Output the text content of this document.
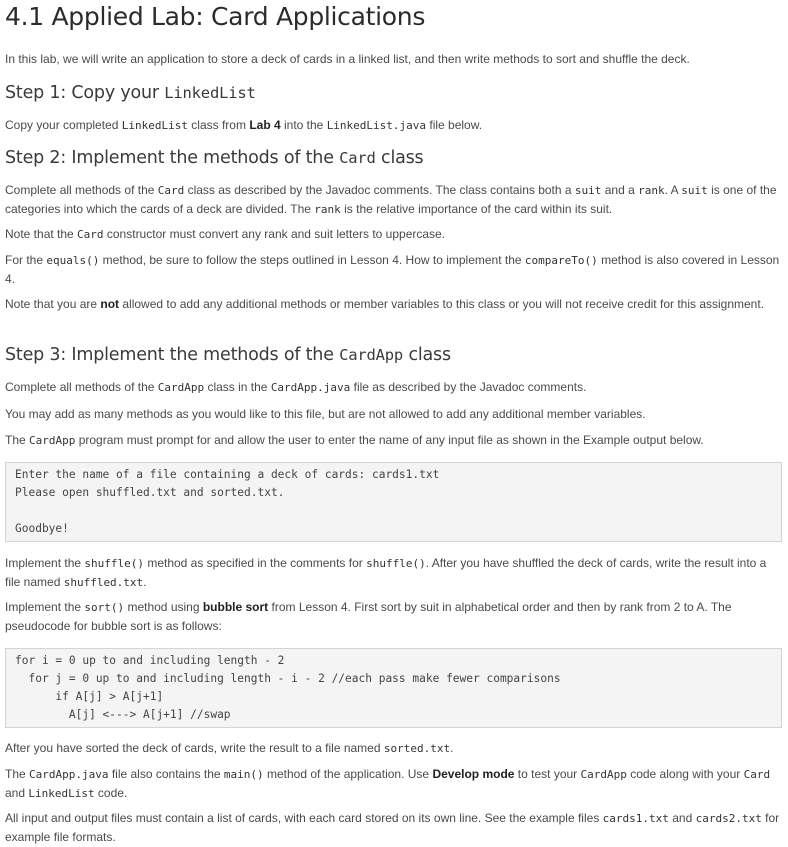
4.1 Applied Lab: Card Applications

In this lab, we will write an application to store a deck of cards in a linked list, and then write methods to sort and shuffle the deck.

Step 1: Copy your LinkedList

Copy your completed LinkedList class from Lab 4 into the LinkedList.java file below.

Step 2: Implement the methods of the Card class

Complete all methods of the Card class as described by the Javadoc comments. The class contains both a suit and a rank. A suit is one of the categories into which the cards of a deck are divided. The rank is the relative importance of the card within its suit.

Note that the Card constructor must convert any rank and suit letters to uppercase.

For the equals() method, be sure to follow the steps outlined in Lesson 4. How to implement the compareTo() method is also covered in Lesson 4.

Note that you are not allowed to add any additional methods or member variables to this class or you will not receive credit for this assignment.

Step 3: Implement the methods of the CardApp class

Complete all methods of the CardApp class in the CardApp.java file as described by the Javadoc comments.

You may add as many methods as you would like to this file, but are not allowed to add any additional member variables.

The CardApp program must prompt for and allow the user to enter the name of any input file as shown in the Example output below.

Enter the name of a file containing a deck of cards: cards1.txt
Please open shuffled.txt and sorted.txt.

Goodbye!

Implement the shuffle() method as specified in the comments for shuffle(). After you have shuffled the deck of cards, write the result into a file named shuffled.txt.

Implement the sort() method using bubble sort from Lesson 4. First sort by suit in alphabetical order and then by rank from 2 to A. The pseudocode for bubble sort is as follows:

for i = 0 up to and including length - 2
for j = 0 up to and including length - i - 2 //each pass make fewer comparisons
if A[j] > A[j+1]
A[j] <---> A[j+1] //swap

After you have sorted the deck of cards, write the result to a file named sorted.txt.

The CardApp.java file also contains the main() method of the application. Use Develop mode to test your CardApp code along with your Card and LinkedList code.

All input and output files must contain a list of cards, with each card stored on its own line. See the example files cards1.txt and cards2.txt for example file formats.
